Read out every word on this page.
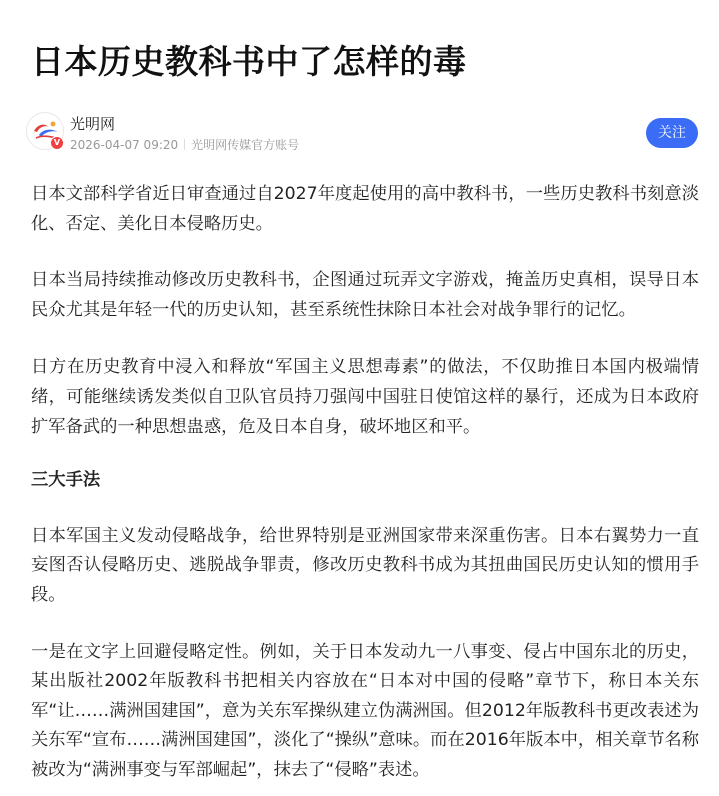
日本历史教科书中了怎样的毒
V
光明网
2026-04-07 09:20 光明网传媒官方账号
关注

日本文部科学省近日审查通过自2027年度起使用的高中教科书，一些历史教科书刻意淡化、否定、美化日本侵略历史。

日本当局持续推动修改历史教科书，企图通过玩弄文字游戏，掩盖历史真相，误导日本民众尤其是年轻一代的历史认知，甚至系统性抹除日本社会对战争罪行的记忆。

日方在历史教育中浸入和释放“军国主义思想毒素”的做法，不仅助推日本国内极端情绪，可能继续诱发类似自卫队官员持刀强闯中国驻日使馆这样的暴行，还成为日本政府扩军备武的一种思想蛊惑，危及日本自身，破坏地区和平。

三大手法

日本军国主义发动侵略战争，给世界特别是亚洲国家带来深重伤害。日本右翼势力一直妄图否认侵略历史、逃脱战争罪责，修改历史教科书成为其扭曲国民历史认知的惯用手段。

一是在文字上回避侵略定性。例如，关于日本发动九一八事变、侵占中国东北的历史，某出版社2002年版教科书把相关内容放在“日本对中国的侵略”章节下，称日本关东军“让……满洲国建国”，意为关东军操纵建立伪满洲国。但2012年版教科书更改表述为关东军“宣布……满洲国建国”，淡化了“操纵”意味。而在2016年版本中，相关章节名称被改为“满洲事变与军部崛起”，抹去了“侵略”表述。
